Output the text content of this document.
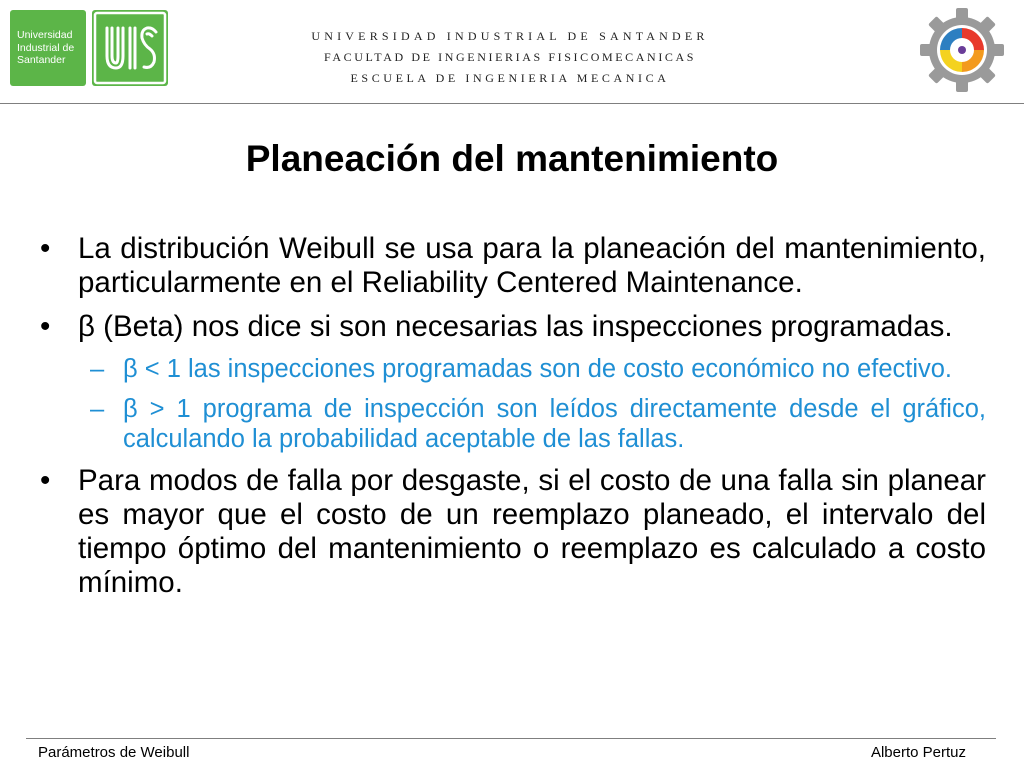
Universidad
Industrial de
Santander
UNIVERSIDAD INDUSTRIAL DE SANTANDER
FACULTAD DE INGENIERIAS FISICOMECANICAS
ESCUELA DE INGENIERIA MECANICA
Planeación del mantenimiento
• La distribución Weibull se usa para la planeación del mantenimiento, particularmente en el Reliability Centered Maintenance.
• β (Beta) nos dice si son necesarias las inspecciones programadas.
– β < 1 las inspecciones programadas son de costo económico no efectivo.
– β > 1 programa de inspección son leídos directamente desde el gráfico, calculando la probabilidad aceptable de las fallas.
• Para modos de falla por desgaste, si el costo de una falla sin planear es mayor que el costo de un reemplazo planeado, el intervalo del tiempo óptimo del mantenimiento o reemplazo es calculado a costo mínimo.
Parámetros de Weibull	Alberto Pertuz
